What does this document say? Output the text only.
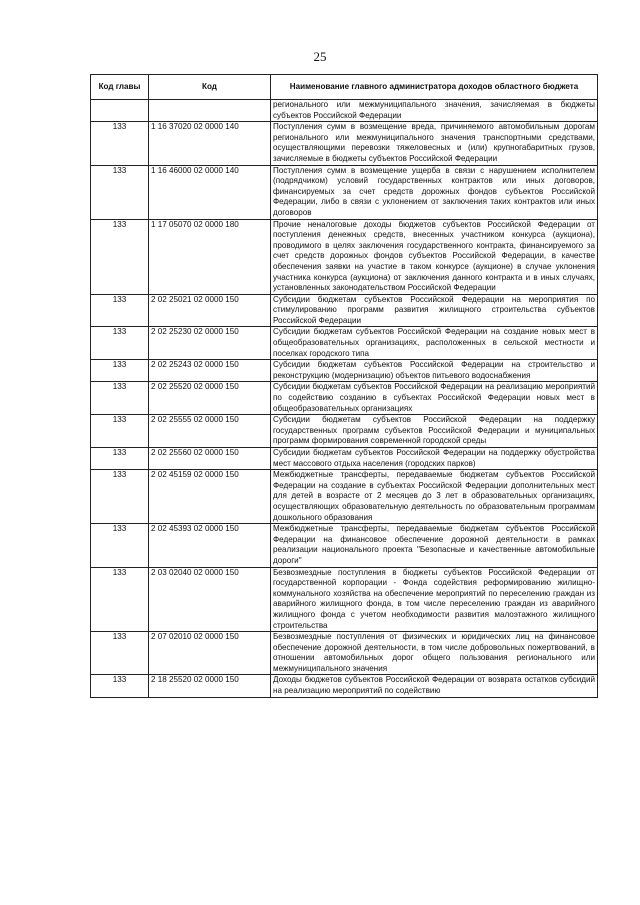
25
Код главы	Код	Наименование главного администратора доходов областного бюджета
		регионального или межмуниципального значения, зачисляемая в бюджеты субъектов Российской Федерации
133	1 16 37020 02 0000 140	Поступления сумм в возмещение вреда, причиняемого автомобильным дорогам регионального или межмуниципального значения транспортными средствами, осуществляющими перевозки тяжеловесных и (или) крупногабаритных грузов, зачисляемые в бюджеты субъектов Российской Федерации
133	1 16 46000 02 0000 140	Поступления сумм в возмещение ущерба в связи с нарушением исполнителем (подрядчиком) условий государственных контрактов или иных договоров, финансируемых за счет средств дорожных фондов субъектов Российской Федерации, либо в связи с уклонением от заключения таких контрактов или иных договоров
133	1 17 05070 02 0000 180	Прочие неналоговые доходы бюджетов субъектов Российской Федерации от поступления денежных средств, внесенных участником конкурса (аукциона), проводимого в целях заключения государственного контракта, финансируемого за счет средств дорожных фондов субъектов Российской Федерации, в качестве обеспечения заявки на участие в таком конкурсе (аукционе) в случае уклонения участника конкурса (аукциона) от заключения данного контракта и в иных случаях, установленных законодательством Российской Федерации
133	2 02 25021 02 0000 150	Субсидии бюджетам субъектов Российской Федерации на мероприятия по стимулированию программ развития жилищного строительства субъектов Российской Федерации
133	2 02 25230 02 0000 150	Субсидии бюджетам субъектов Российской Федерации на создание новых мест в общеобразовательных организациях, расположенных в сельской местности и поселках городского типа
133	2 02 25243 02 0000 150	Субсидии бюджетам субъектов Российской Федерации на строительство и реконструкцию (модернизацию) объектов питьевого водоснабжения
133	2 02 25520 02 0000 150	Субсидии бюджетам субъектов Российской Федерации на реализацию мероприятий по содействию созданию в субъектах Российской Федерации новых мест в общеобразовательных организациях
133	2 02 25555 02 0000 150	Субсидии бюджетам субъектов Российской Федерации на поддержку государственных программ субъектов Российской Федерации и муниципальных программ формирования современной городской среды
133	2 02 25560 02 0000 150	Субсидии бюджетам субъектов Российской Федерации на поддержку обустройства мест массового отдыха населения (городских парков)
133	2 02 45159 02 0000 150	Межбюджетные трансферты, передаваемые бюджетам субъектов Российской Федерации на создание в субъектах Российской Федерации дополнительных мест для детей в возрасте от 2 месяцев до 3 лет в образовательных организациях, осуществляющих образовательную деятельность по образовательным программам дошкольного образования
133	2 02 45393 02 0000 150	Межбюджетные трансферты, передаваемые бюджетам субъектов Российской Федерации на финансовое обеспечение дорожной деятельности в рамках реализации национального проекта "Безопасные и качественные автомобильные дороги"
133	2 03 02040 02 0000 150	Безвозмездные поступления в бюджеты субъектов Российской Федерации от государственной корпорации - Фонда содействия реформированию жилищно-коммунального хозяйства на обеспечение мероприятий по переселению граждан из аварийного жилищного фонда, в том числе переселению граждан из аварийного жилищного фонда с учетом необходимости развития малоэтажного жилищного строительства
133	2 07 02010 02 0000 150	Безвозмездные поступления от физических и юридических лиц на финансовое обеспечение дорожной деятельности, в том числе добровольных пожертвований, в отношении автомобильных дорог общего пользования регионального или межмуниципального значения
133	2 18 25520 02 0000 150	Доходы бюджетов субъектов Российской Федерации от возврата остатков субсидий на реализацию мероприятий по содействию
